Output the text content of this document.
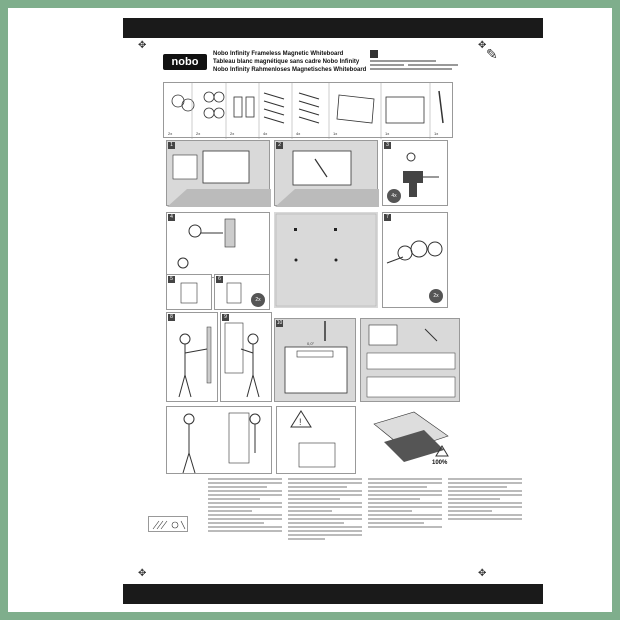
✥	✥
✥	✥
✎
nobo
Nobo Infinity Frameless Magnetic Whiteboard
Tableau blanc magnétique sans cadre Nobo Infinity
Nobo Infinity Rahmenloses Magnetisches Whiteboard
2x	2x	2x	4x	4x	1x	1x	1x
1	2	3
4x
4	7
2x
5	6
2x
8	9
10
0,0°
!
100%
